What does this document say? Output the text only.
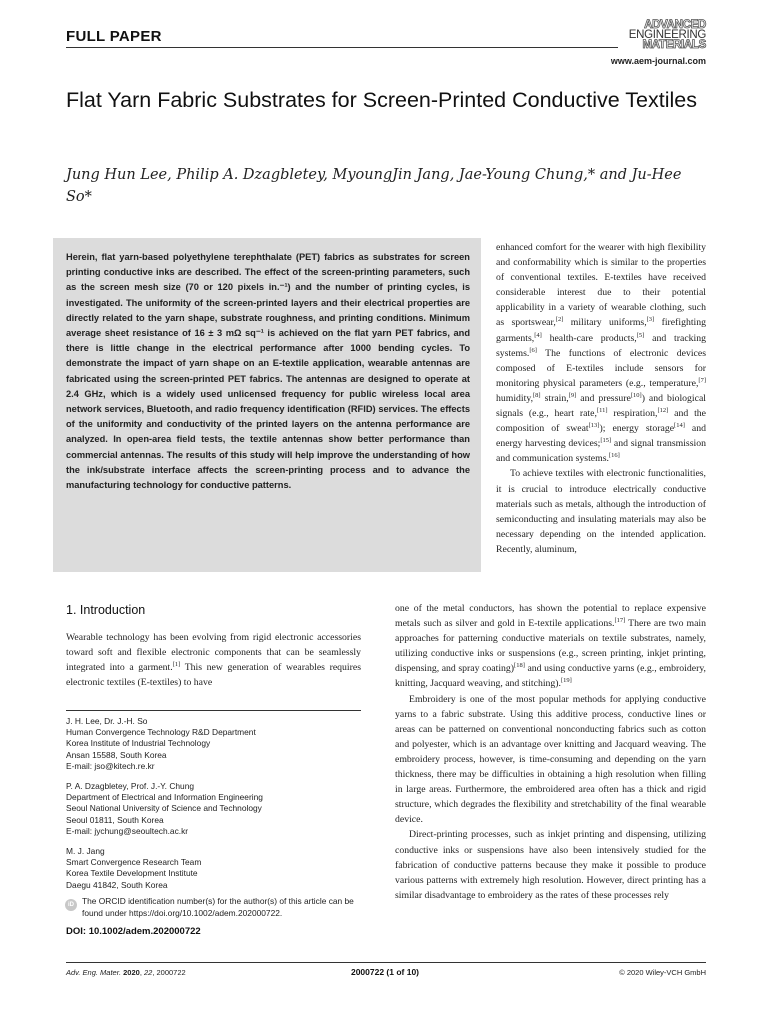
FULL PAPER
ADVANCED
ENGINEERING
MATERIALS
www.aem-journal.com
Flat Yarn Fabric Substrates for Screen-Printed Conductive Textiles
Jung Hun Lee, Philip A. Dzagbletey, MyoungJin Jang, Jae-Young Chung,* and Ju-Hee So*
Herein, flat yarn-based polyethylene terephthalate (PET) fabrics as substrates for screen printing conductive inks are described. The effect of the screen-printing parameters, such as the screen mesh size (70 or 120 pixels in.⁻¹) and the number of printing cycles, is investigated. The uniformity of the screen-printed layers and their electrical properties are directly related to the yarn shape, substrate roughness, and printing conditions. Minimum average sheet resistance of 16 ± 3 mΩ sq⁻¹ is achieved on the flat yarn PET fabrics, and there is little change in the electrical performance after 1000 bending cycles. To demonstrate the impact of yarn shape on an E-textile application, wearable antennas are fabricated using the screen-printed PET fabrics. The antennas are designed to operate at 2.4 GHz, which is a widely used unlicensed frequency for public wireless local area network services, Bluetooth, and radio frequency identification (RFID) services. The effects of the uniformity and conductivity of the printed layers on the antenna performance are analyzed. In open-area field tests, the textile antennas show better performance than commercial antennas. The results of this study will help improve the understanding of how the ink/substrate interface affects the screen-printing process and to advance the manufacturing technology for conductive patterns.
1. Introduction
Wearable technology has been evolving from rigid electronic accessories toward soft and flexible electronic components that can be seamlessly integrated into a garment.[1] This new generation of wearables requires electronic textiles (E-textiles) to have
enhanced comfort for the wearer with high flexibility and conformability which is similar to the properties of conventional textiles. E-textiles have received considerable interest due to their potential applicability in a variety of wearable clothing, such as sportswear,[2] military uniforms,[3] firefighting garments,[4] health-care products,[5] and tracking systems.[6] The functions of electronic devices composed of E-textiles include sensors for monitoring physical parameters (e.g., temperature,[7] humidity,[8] strain,[9] and pressure[10]) and biological signals (e.g., heart rate,[11] respiration,[12] and the composition of sweat[13]); energy storage[14] and energy harvesting devices;[15] and signal transmission and communication systems.[16]
To achieve textiles with electronic functionalities, it is crucial to introduce electrically conductive materials such as metals, although the introduction of semiconducting and insulating materials may also be necessary depending on the intended application. Recently, aluminum,
one of the metal conductors, has shown the potential to replace expensive metals such as silver and gold in E-textile applications.[17] There are two main approaches for patterning conductive materials on textile substrates, namely, utilizing conductive inks or suspensions (e.g., screen printing, inkjet printing, dispensing, and spray coating)[18] and using conductive yarns (e.g., embroidery, knitting, Jacquard weaving, and stitching).[19]
Embroidery is one of the most popular methods for applying conductive yarns to a fabric substrate. Using this additive process, conductive lines or areas can be patterned on conventional nonconducting fabrics such as cotton and polyester, which is an advantage over knitting and Jacquard weaving. The embroidery process, however, is time-consuming and depending on the yarn thickness, there may be difficulties in obtaining a high resolution when filling in large areas. Furthermore, the embroidered area often has a thick and rigid structure, which degrades the flexibility and stretchability of the final wearable device.
Direct-printing processes, such as inkjet printing and dispensing, utilizing conductive inks or suspensions have also been intensively studied for the fabrication of conductive patterns because they make it possible to produce various patterns with extremely high resolution. However, direct printing has a similar disadvantage to embroidery as the rates of these processes rely
J. H. Lee, Dr. J.-H. So
Human Convergence Technology R&D Department
Korea Institute of Industrial Technology
Ansan 15588, South Korea
E-mail: jso@kitech.re.kr
P. A. Dzagbletey, Prof. J.-Y. Chung
Department of Electrical and Information Engineering
Seoul National University of Science and Technology
Seoul 01811, South Korea
E-mail: jychung@seoultech.ac.kr
M. J. Jang
Smart Convergence Research Team
Korea Textile Development Institute
Daegu 41842, South Korea
iD The ORCID identification number(s) for the author(s) of this article can be found under https://doi.org/10.1002/adem.202000722.
DOI: 10.1002/adem.202000722
Adv. Eng. Mater. 2020, 22, 2000722	2000722 (1 of 10)	© 2020 Wiley-VCH GmbH
